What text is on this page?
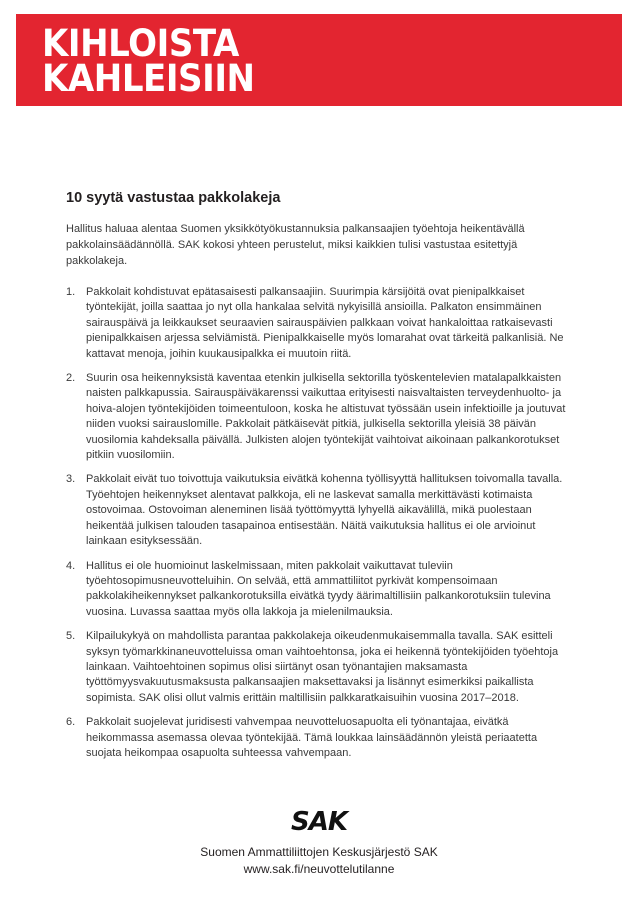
KIHLOISTA
KAHLEISIIN
10 syytä vastustaa pakkolakeja

Hallitus haluaa alentaa Suomen yksikkötyökustannuksia palkansaajien työehtoja heikentävällä pakkolainsäädännöllä. SAK kokosi yhteen perustelut, miksi kaikkien tulisi vastustaa esitettyjä pakkolakeja.

1. Pakkolait kohdistuvat epätasaisesti palkansaajiin. Suurimpia kärsijöitä ovat pienipalkkaiset työntekijät, joilla saattaa jo nyt olla hankalaa selvitä nykyisillä ansioilla. Palkaton ensimmäinen sairauspäivä ja leikkaukset seuraavien sairauspäivien palkkaan voivat hankaloittaa ratkaisevasti pienipalkkaisen arjessa selviämistä. Pienipalkkaiselle myös lomarahat ovat tärkeitä palkanlisiä. Ne kattavat menoja, joihin kuukausipalkka ei muutoin riitä.

2. Suurin osa heikennyksistä kaventaa etenkin julkisella sektorilla työskentelevien matalapalkkaisten naisten palkkapussia. Sairauspäiväkarenssi vaikuttaa erityisesti naisvaltaisten terveydenhuolto- ja hoiva-alojen työntekijöiden toimeentuloon, koska he altistuvat työssään usein infektioille ja joutuvat niiden vuoksi sairauslomille. Pakkolait pätkäisevät pitkiä, julkisella sektorilla yleisiä 38 päivän vuosilomia kahdeksalla päivällä. Julkisten alojen työntekijät vaihtoivat aikoinaan palkankorotukset pitkiin vuosilomiin.

3. Pakkolait eivät tuo toivottuja vaikutuksia eivätkä kohenna työllisyyttä hallituksen toivomalla tavalla. Työehtojen heikennykset alentavat palkkoja, eli ne laskevat samalla merkittävästi kotimaista ostovoimaa. Ostovoiman aleneminen lisää työttömyyttä lyhyellä aikavälillä, mikä puolestaan heikentää julkisen talouden tasapainoa entisestään. Näitä vaikutuksia hallitus ei ole arvioinut lainkaan esityksessään.

4. Hallitus ei ole huomioinut laskelmissaan, miten pakkolait vaikuttavat tuleviin työehtosopimusneuvotteluihin. On selvää, että ammattiliitot pyrkivät kompensoimaan pakkolakiheikennykset palkankorotuksilla eivätkä tyydy äärimaltillisiin palkankorotuksiin tulevina vuosina. Luvassa saattaa myös olla lakkoja ja mielenilmauksia.

5. Kilpailukykyä on mahdollista parantaa pakkolakeja oikeudenmukaisemmalla tavalla. SAK esitteli syksyn työmarkkinaneuvotteluissa oman vaihtoehtonsa, joka ei heikennä työntekijöiden työehtoja lainkaan. Vaihtoehtoinen sopimus olisi siirtänyt osan työnantajien maksamasta työttömyysvakuutusmaksusta palkansaajien maksettavaksi ja lisännyt esimerkiksi paikallista sopimista. SAK olisi ollut valmis erittäin maltillisiin palkkaratkaisuihin vuosina 2017–2018.

6. Pakkolait suojelevat juridisesti vahvempaa neuvotteluosapuolta eli työnantajaa, eivätkä heikommassa asemassa olevaa työntekijää. Tämä loukkaa lainsäädännön yleistä periaatetta suojata heikompaa osapuolta suhteessa vahvempaan.

SAK

Suomen Ammattiliittojen Keskusjärjestö SAK

www.sak.fi/neuvottelutilanne
